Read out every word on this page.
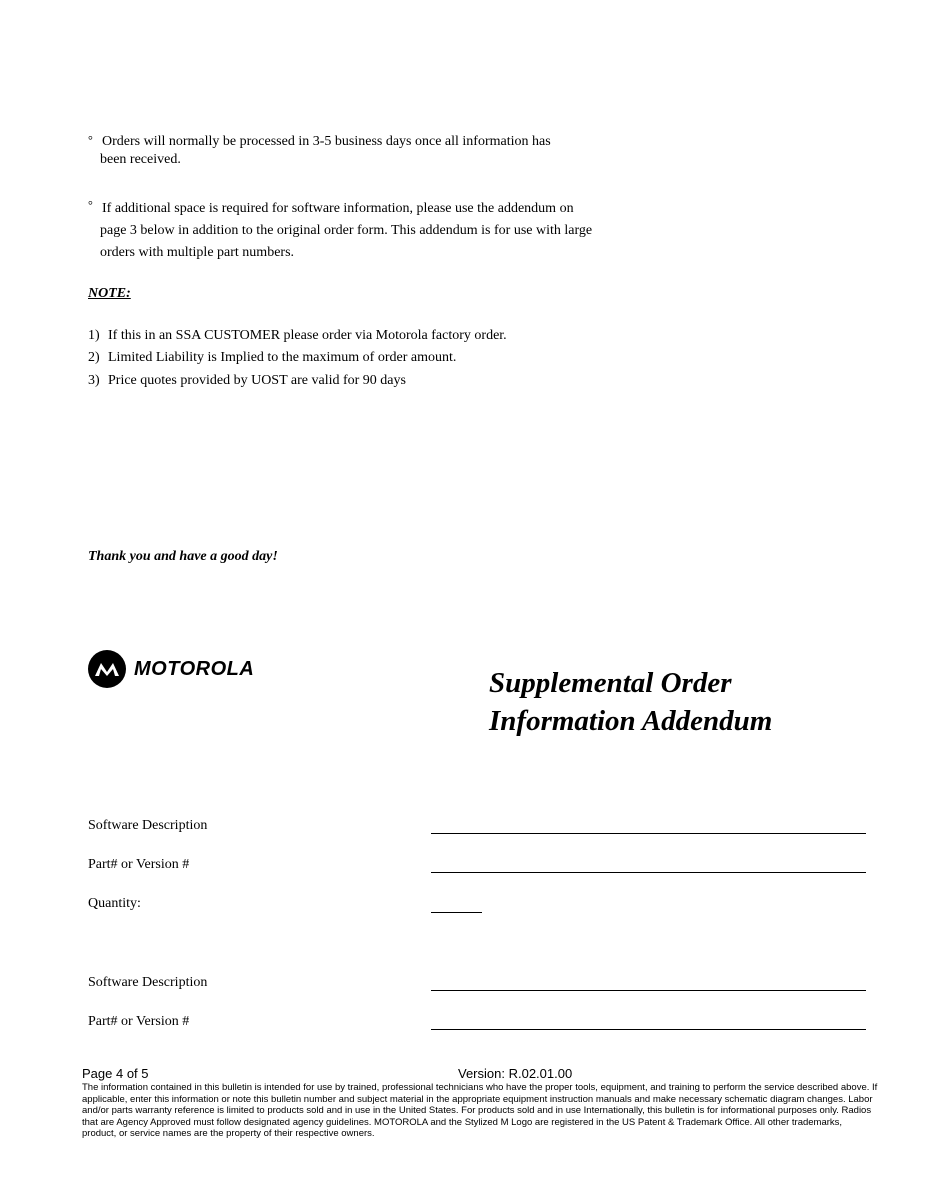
° Orders will normally be processed in 3-5 business days once all information has
been received.
° If additional space is required for software information, please use the addendum on
page 3 below in addition to the original order form. This addendum is for use with large
orders with multiple part numbers.
NOTE:
1) If this in an SSA CUSTOMER please order via Motorola factory order.
2) Limited Liability is Implied to the maximum of order amount.
3) Price quotes provided by UOST are valid for 90 days
Thank you and have a good day!
MOTOROLA	Supplemental Order
Information Addendum
Software Description
Part# or Version #
Quantity:
Software Description
Part# or Version #
Page 4 of 5	Version: R.02.01.00
The information contained in this bulletin is intended for use by trained, professional technicians who have the proper tools, equipment, and training to perform the service described above. If applicable, enter this information or note this bulletin number and subject material in the appropriate equipment instruction manuals and make necessary schematic diagram changes. Labor and/or parts warranty reference is limited to products sold and in use in the United States. For products sold and in use Internationally, this bulletin is for informational purposes only. Radios that are Agency Approved must follow designated agency guidelines. MOTOROLA and the Stylized M Logo are registered in the US Patent & Trademark Office. All other trademarks, product, or service names are the property of their respective owners.
